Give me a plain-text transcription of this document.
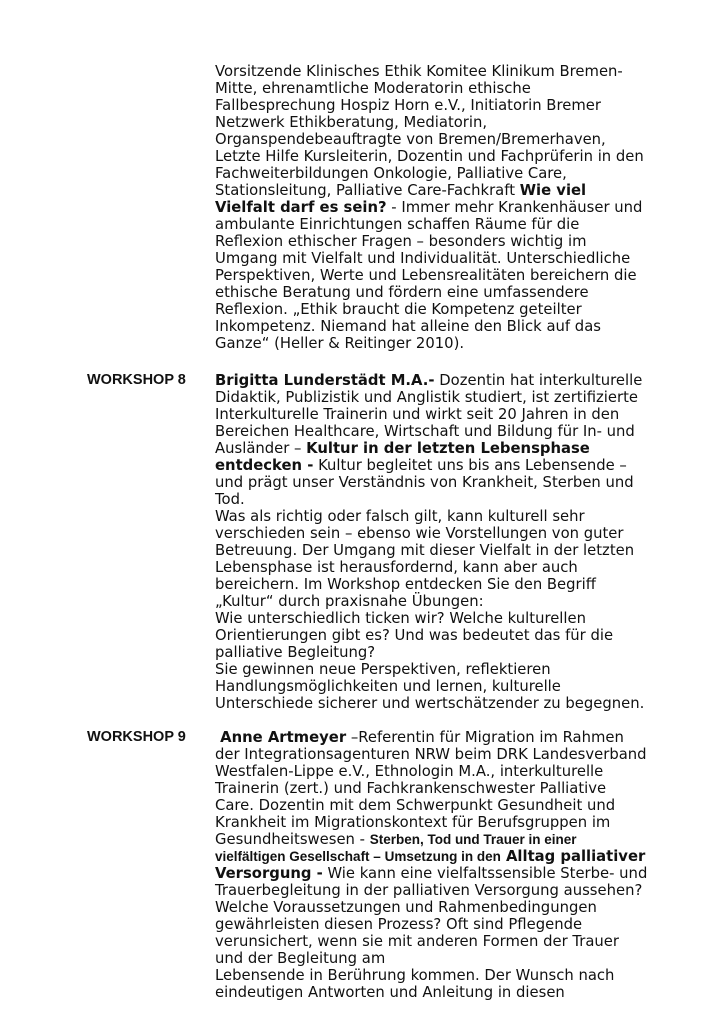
Vorsitzende Klinisches Ethik Komitee Klinikum Bremen-
Mitte, ehrenamtliche Moderatorin ethische
Fallbesprechung Hospiz Horn e.V., Initiatorin Bremer
Netzwerk Ethikberatung, Mediatorin,
Organspendebeauftragte von Bremen/Bremerhaven,
Letzte Hilfe Kursleiterin, Dozentin und Fachprüferin in den
Fachweiterbildungen Onkologie, Palliative Care,
Stationsleitung, Palliative Care-Fachkraft Wie viel
Vielfalt darf es sein? - Immer mehr Krankenhäuser und
ambulante Einrichtungen schaffen Räume für die
Reflexion ethischer Fragen – besonders wichtig im
Umgang mit Vielfalt und Individualität. Unterschiedliche
Perspektiven, Werte und Lebensrealitäten bereichern die
ethische Beratung und fördern eine umfassendere
Reflexion. „Ethik braucht die Kompetenz geteilter
Inkompetenz. Niemand hat alleine den Blick auf das
Ganze“ (Heller & Reitinger 2010).
WORKSHOP 8 Brigitta Lunderstädt M.A.- Dozentin hat interkulturelle
Didaktik, Publizistik und Anglistik studiert, ist zertifizierte
Interkulturelle Trainerin und wirkt seit 20 Jahren in den
Bereichen Healthcare, Wirtschaft und Bildung für In- und
Ausländer – Kultur in der letzten Lebensphase
entdecken - Kultur begleitet uns bis ans Lebensende –
und prägt unser Verständnis von Krankheit, Sterben und
Tod.
Was als richtig oder falsch gilt, kann kulturell sehr
verschieden sein – ebenso wie Vorstellungen von guter
Betreuung. Der Umgang mit dieser Vielfalt in der letzten
Lebensphase ist herausfordernd, kann aber auch
bereichern. Im Workshop entdecken Sie den Begriff
„Kultur“ durch praxisnahe Übungen:
Wie unterschiedlich ticken wir? Welche kulturellen
Orientierungen gibt es? Und was bedeutet das für die
palliative Begleitung?
Sie gewinnen neue Perspektiven, reflektieren
Handlungsmöglichkeiten und lernen, kulturelle
Unterschiede sicherer und wertschätzender zu begegnen.
WORKSHOP 9 Anne Artmeyer –Referentin für Migration im Rahmen
der Integrationsagenturen NRW beim DRK Landesverband
Westfalen-Lippe e.V., Ethnologin M.A., interkulturelle
Trainerin (zert.) und Fachkrankenschwester Palliative
Care. Dozentin mit dem Schwerpunkt Gesundheit und
Krankheit im Migrationskontext für Berufsgruppen im
Gesundheitswesen - Sterben, Tod und Trauer in einer
vielfältigen Gesellschaft – Umsetzung in den Alltag palliativer
Versorgung - Wie kann eine vielfaltssensible Sterbe- und
Trauerbegleitung in der palliativen Versorgung aussehen?
Welche Voraussetzungen und Rahmenbedingungen
gewährleisten diesen Prozess? Oft sind Pflegende
verunsichert, wenn sie mit anderen Formen der Trauer
und der Begleitung am
Lebensende in Berührung kommen. Der Wunsch nach
eindeutigen Antworten und Anleitung in diesen
